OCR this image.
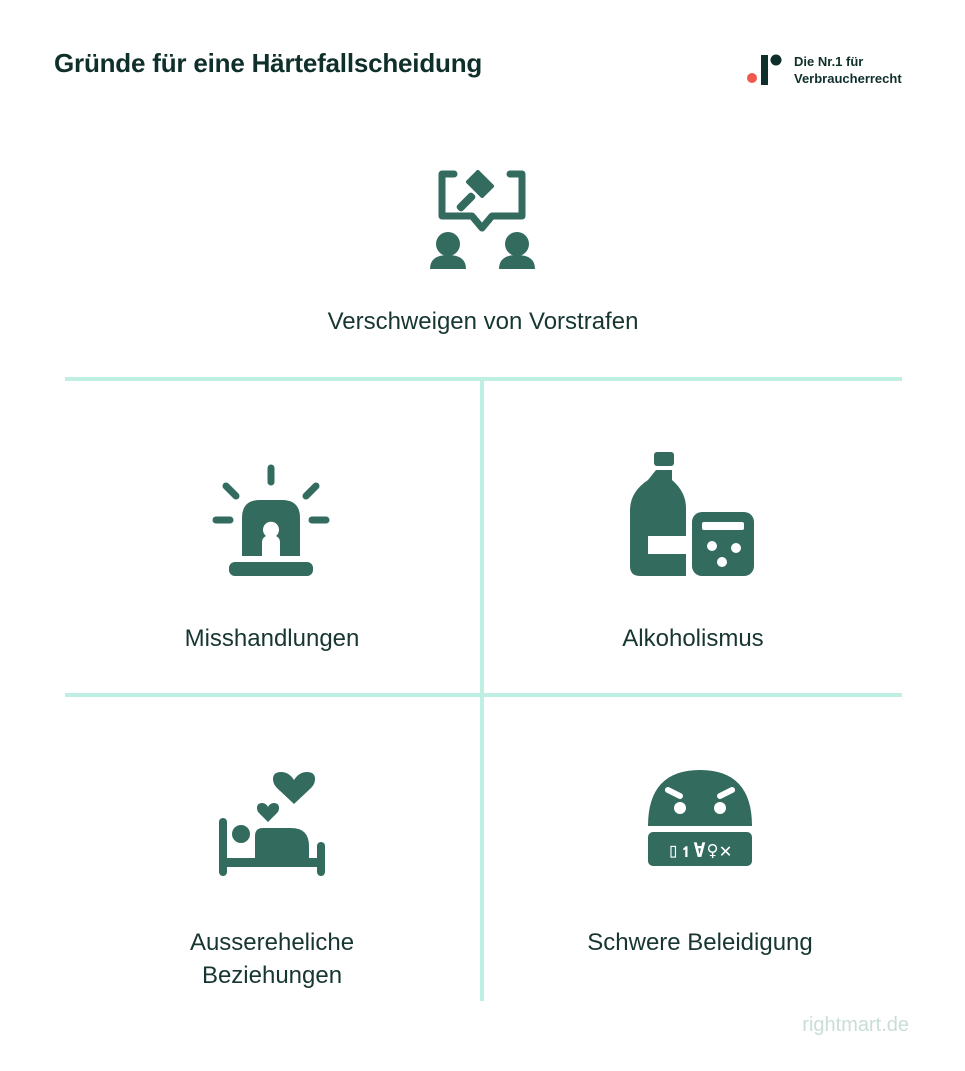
Gründe für eine Härtefallscheidung	Die Nr.1 für
Verbraucherrecht
Verschweigen von Vorstrafen
Misshandlungen	Alkoholismus
Aussereheliche
Beziehungen
▯↿∀♀✕
Schwere Beleidigung
rightmart.de
